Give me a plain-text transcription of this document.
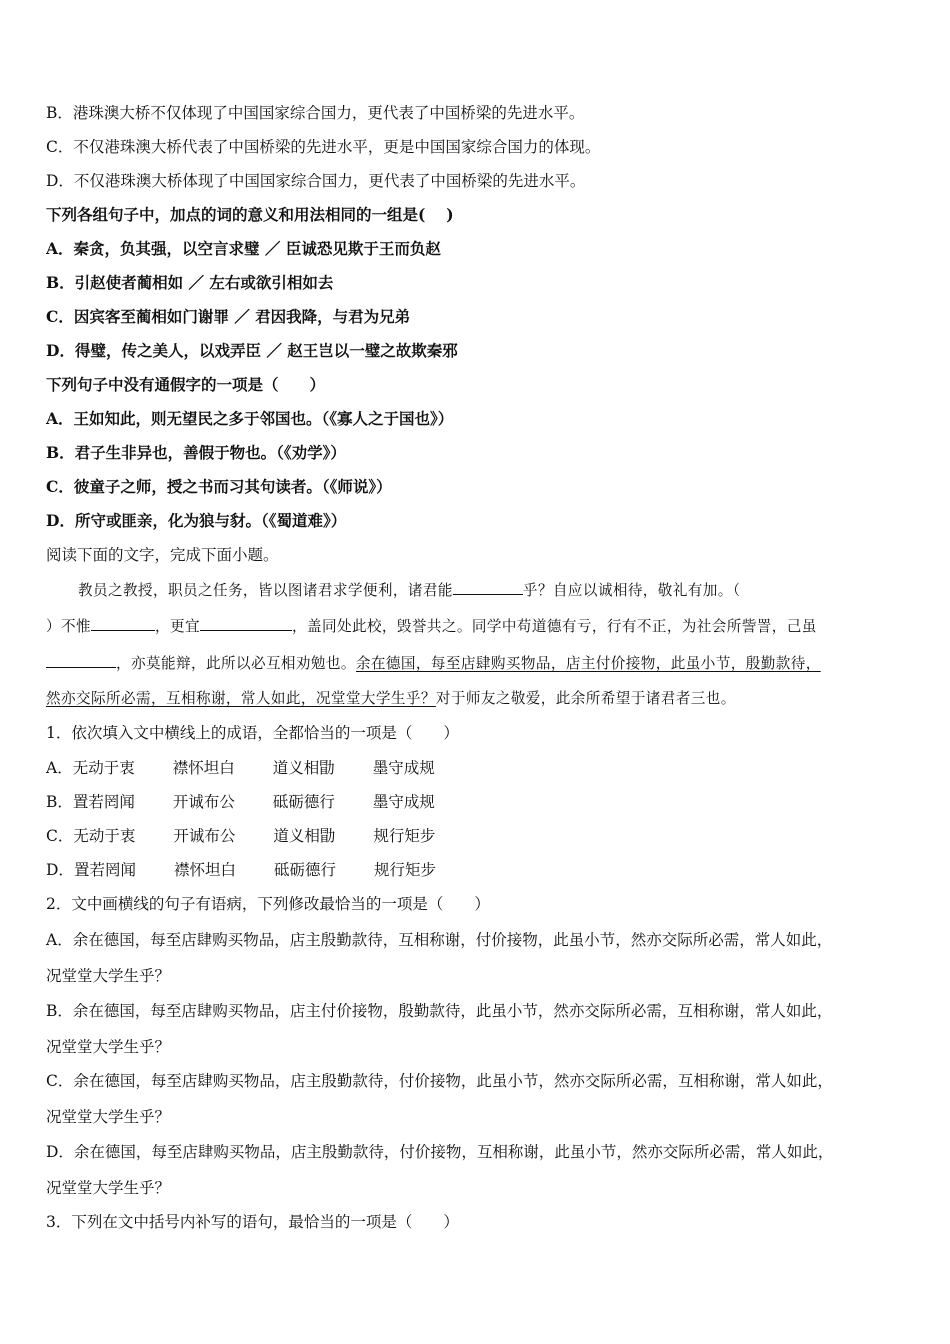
B．港珠澳大桥不仅体现了中国国家综合国力，更代表了中国桥梁的先进水平。
C．不仅港珠澳大桥代表了中国桥梁的先进水平，更是中国国家综合国力的体现。
D．不仅港珠澳大桥体现了中国国家综合国力，更代表了中国桥梁的先进水平。
下列各组句子中，加点的词的意义和用法相同的一组是(　 )
A．秦贪，负其强，以空言求璧 ／ 臣诚恐见欺于王而负赵
B．引赵使者蔺相如 ／ 左右或欲引相如去
C．因宾客至蔺相如门谢罪 ／ 君因我降，与君为兄弟
D．得璧，传之美人，以戏弄臣 ／ 赵王岂以一璧之故欺秦邪
下列句子中没有通假字的一项是（　　）
A．王如知此，则无望民之多于邻国也。（《寡人之于国也》）
B．君子生非异也，善假于物也。（《劝学》）
C．彼童子之师，授之书而习其句读者。（《师说》）
D．所守或匪亲，化为狼与豺。（《蜀道难》）
阅读下面的文字，完成下面小题。
教员之教授，职员之任务，皆以图诸君求学便利，诸君能	乎？自应以诚相待，敬礼有加。（
）不惟	，更宜	，盖同处此校，毁誉共之。同学中苟道德有亏，行有不正，为社会所訾詈，己虽
，亦莫能辩，此所以必互相劝勉也。余在德国，每至店肆购买物品，店主付价接物，此虽小节，殷勤款待，
然亦交际所必需，互相称谢，常人如此，况堂堂大学生乎？对于师友之敬爱，此余所希望于诸君者三也。
1．依次填入文中横线上的成语，全都恰当的一项是（　　）
A．无动于衷 襟怀坦白 道义相勖 墨守成规
B．置若罔闻 开诚布公 砥砺德行 墨守成规
C．无动于衷 开诚布公 道义相勖 规行矩步
D．置若罔闻 襟怀坦白 砥砺德行 规行矩步
2．文中画横线的句子有语病，下列修改最恰当的一项是（　　）
A．余在德国，每至店肆购买物品，店主殷勤款待，互相称谢，付价接物，此虽小节，然亦交际所必需，常人如此，
况堂堂大学生乎？
B．余在德国，每至店肆购买物品，店主付价接物，殷勤款待，此虽小节，然亦交际所必需，互相称谢，常人如此，
况堂堂大学生乎？
C．余在德国，每至店肆购买物品，店主殷勤款待，付价接物，此虽小节，然亦交际所必需，互相称谢，常人如此，
况堂堂大学生乎？
D．余在德国，每至店肆购买物品，店主殷勤款待，付价接物，互相称谢，此虽小节，然亦交际所必需，常人如此，
况堂堂大学生乎？
3．下列在文中括号内补写的语句，最恰当的一项是（　　）
